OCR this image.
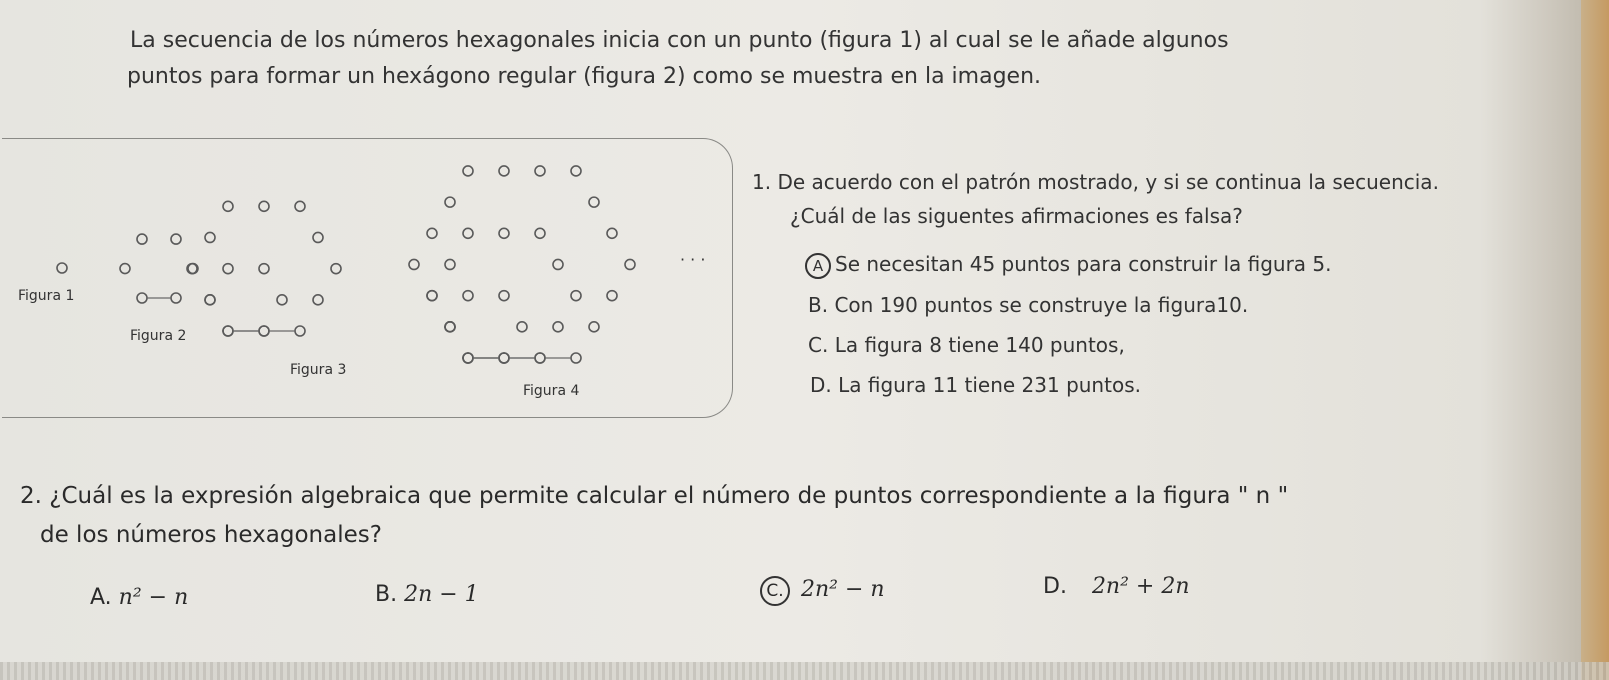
La secuencia de los números hexagonales inicia con un punto (figura 1) al cual se le añade algunos
puntos para formar un hexágono regular (figura 2) como se muestra en la imagen.
Figura 1
Figura 2
Figura 3
Figura 4
· · ·
1. De acuerdo con el patrón mostrado, y si se continua la secuencia.
¿Cuál de las siguentes afirmaciones es falsa?
A Se necesitan 45 puntos para construir la figura 5.
B. Con 190 puntos se construye la figura10.
C. La figura 8 tiene 140 puntos,
D. La figura 11 tiene 231 puntos.
2. ¿Cuál es la expresión algebraica que permite calcular el número de puntos correspondiente a la figura " n "
de los números hexagonales?
A. n² − n	B. 2n − 1	C. 2n² − n	D. 2n² + 2n
